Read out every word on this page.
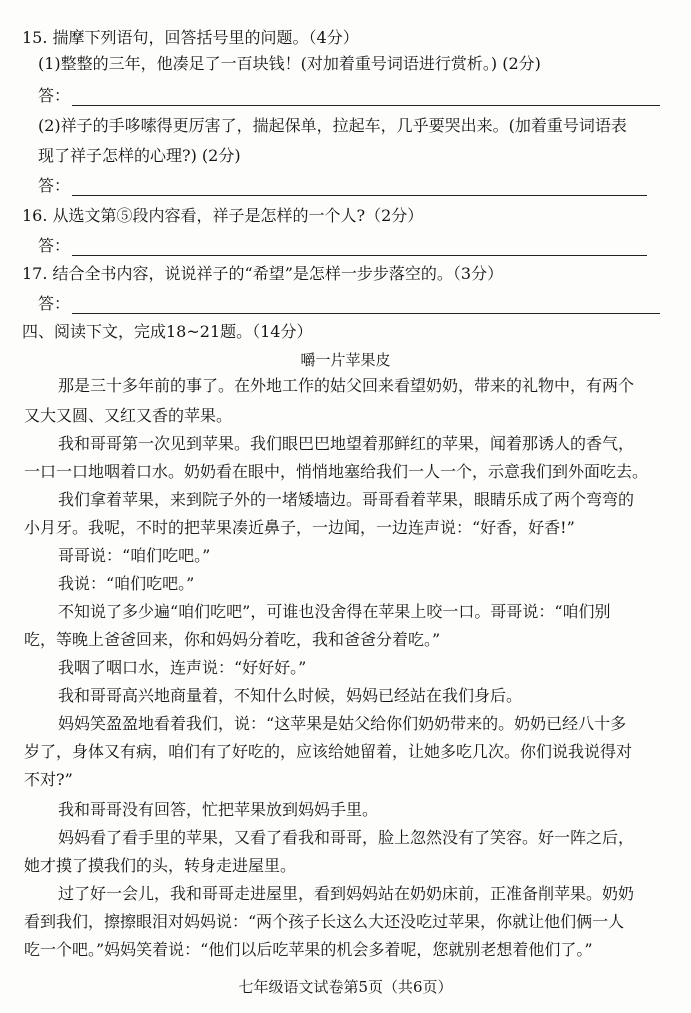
15. 揣摩下列语句，回答括号里的问题。（4分）
(1)整整的三年，他凑足了一百块钱！(对加着重号词语进行赏析。) (2分)
答：
(2)祥子的手哆嗦得更厉害了，揣起保单，拉起车，几乎要哭出来。(加着重号词语表
现了祥子怎样的心理?) (2分)
答：
16. 从选文第⑤段内容看，祥子是怎样的一个人?（2分）
答：
17. 结合全书内容，说说祥子的“希望”是怎样一步步落空的。（3分）
答：
四、阅读下文，完成18~21题。（14分）
嚼一片苹果皮
那是三十多年前的事了。在外地工作的姑父回来看望奶奶，带来的礼物中，有两个
又大又圆、又红又香的苹果。
我和哥哥第一次见到苹果。我们眼巴巴地望着那鲜红的苹果，闻着那诱人的香气，
一口一口地咽着口水。奶奶看在眼中，悄悄地塞给我们一人一个，示意我们到外面吃去。
我们拿着苹果，来到院子外的一堵矮墙边。哥哥看着苹果，眼睛乐成了两个弯弯的
小月牙。我呢，不时的把苹果凑近鼻子，一边闻，一边连声说：“好香，好香!”
哥哥说：“咱们吃吧。”
我说：“咱们吃吧。”
不知说了多少遍“咱们吃吧”，可谁也没舍得在苹果上咬一口。哥哥说：“咱们别
吃，等晚上爸爸回来，你和妈妈分着吃，我和爸爸分着吃。”
我咽了咽口水，连声说：“好好好。”
我和哥哥高兴地商量着，不知什么时候，妈妈已经站在我们身后。
妈妈笑盈盈地看着我们，说：“这苹果是姑父给你们奶奶带来的。奶奶已经八十多
岁了，身体又有病，咱们有了好吃的，应该给她留着，让她多吃几次。你们说我说得对
不对?”
我和哥哥没有回答，忙把苹果放到妈妈手里。
妈妈看了看手里的苹果，又看了看我和哥哥，脸上忽然没有了笑容。好一阵之后，
她才摸了摸我们的头，转身走进屋里。
过了好一会儿，我和哥哥走进屋里，看到妈妈站在奶奶床前，正准备削苹果。奶奶
看到我们，擦擦眼泪对妈妈说：“两个孩子长这么大还没吃过苹果，你就让他们俩一人
吃一个吧。”妈妈笑着说：“他们以后吃苹果的机会多着呢，您就别老想着他们了。”
七年级语文试卷第5页（共6页）
